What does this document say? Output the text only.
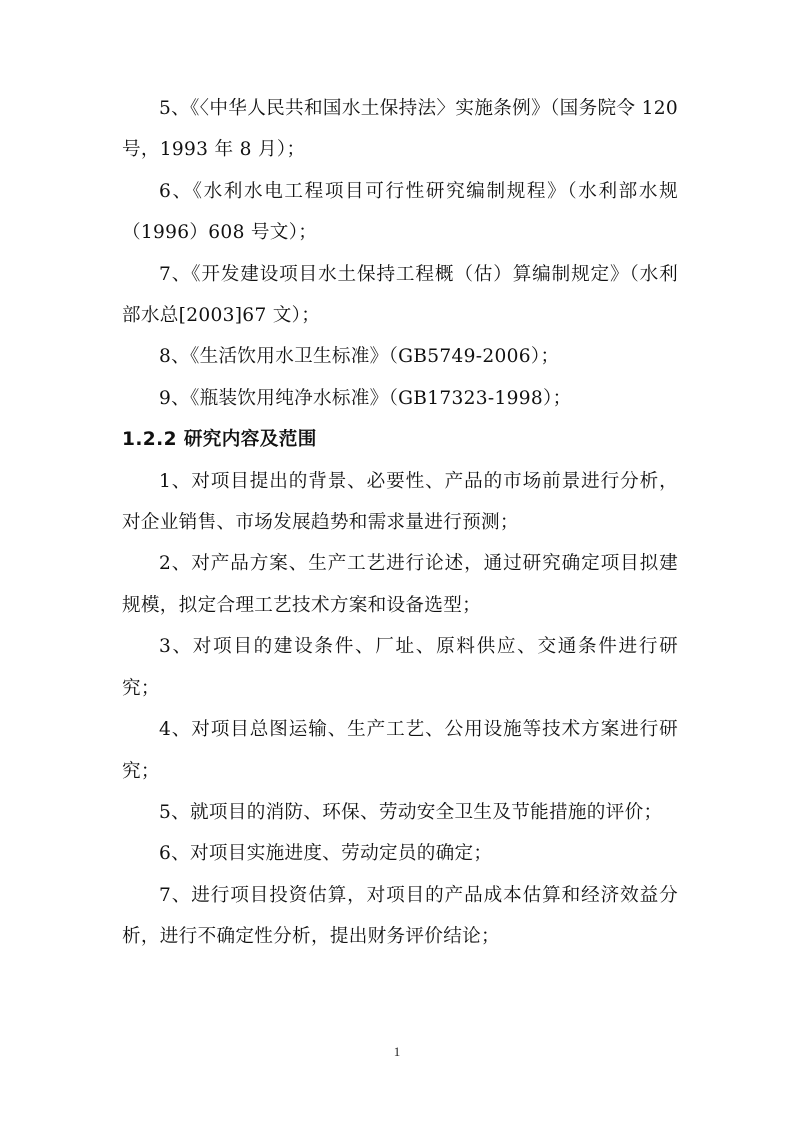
5、《〈中华人民共和国水土保持法〉实施条例》（国务院令 120 号，1993 年 8 月）；

6、《水利水电工程项目可行性研究编制规程》（水利部水规（1996）608 号文）；

7、《开发建设项目水土保持工程概（估）算编制规定》（水利部水总[2003]67 文）；

8、《生活饮用水卫生标准》（GB5749-2006）；

9、《瓶装饮用纯净水标准》（GB17323-1998）；

1.2.2 研究内容及范围

1、对项目提出的背景、必要性、产品的市场前景进行分析，对企业销售、市场发展趋势和需求量进行预测；

2、对产品方案、生产工艺进行论述，通过研究确定项目拟建规模，拟定合理工艺技术方案和设备选型；

3、对项目的建设条件、厂址、原料供应、交通条件进行研究；

4、对项目总图运输、生产工艺、公用设施等技术方案进行研究；

5、就项目的消防、环保、劳动安全卫生及节能措施的评价；

6、对项目实施进度、劳动定员的确定；

7、进行项目投资估算，对项目的产品成本估算和经济效益分析，进行不确定性分析，提出财务评价结论；

1
